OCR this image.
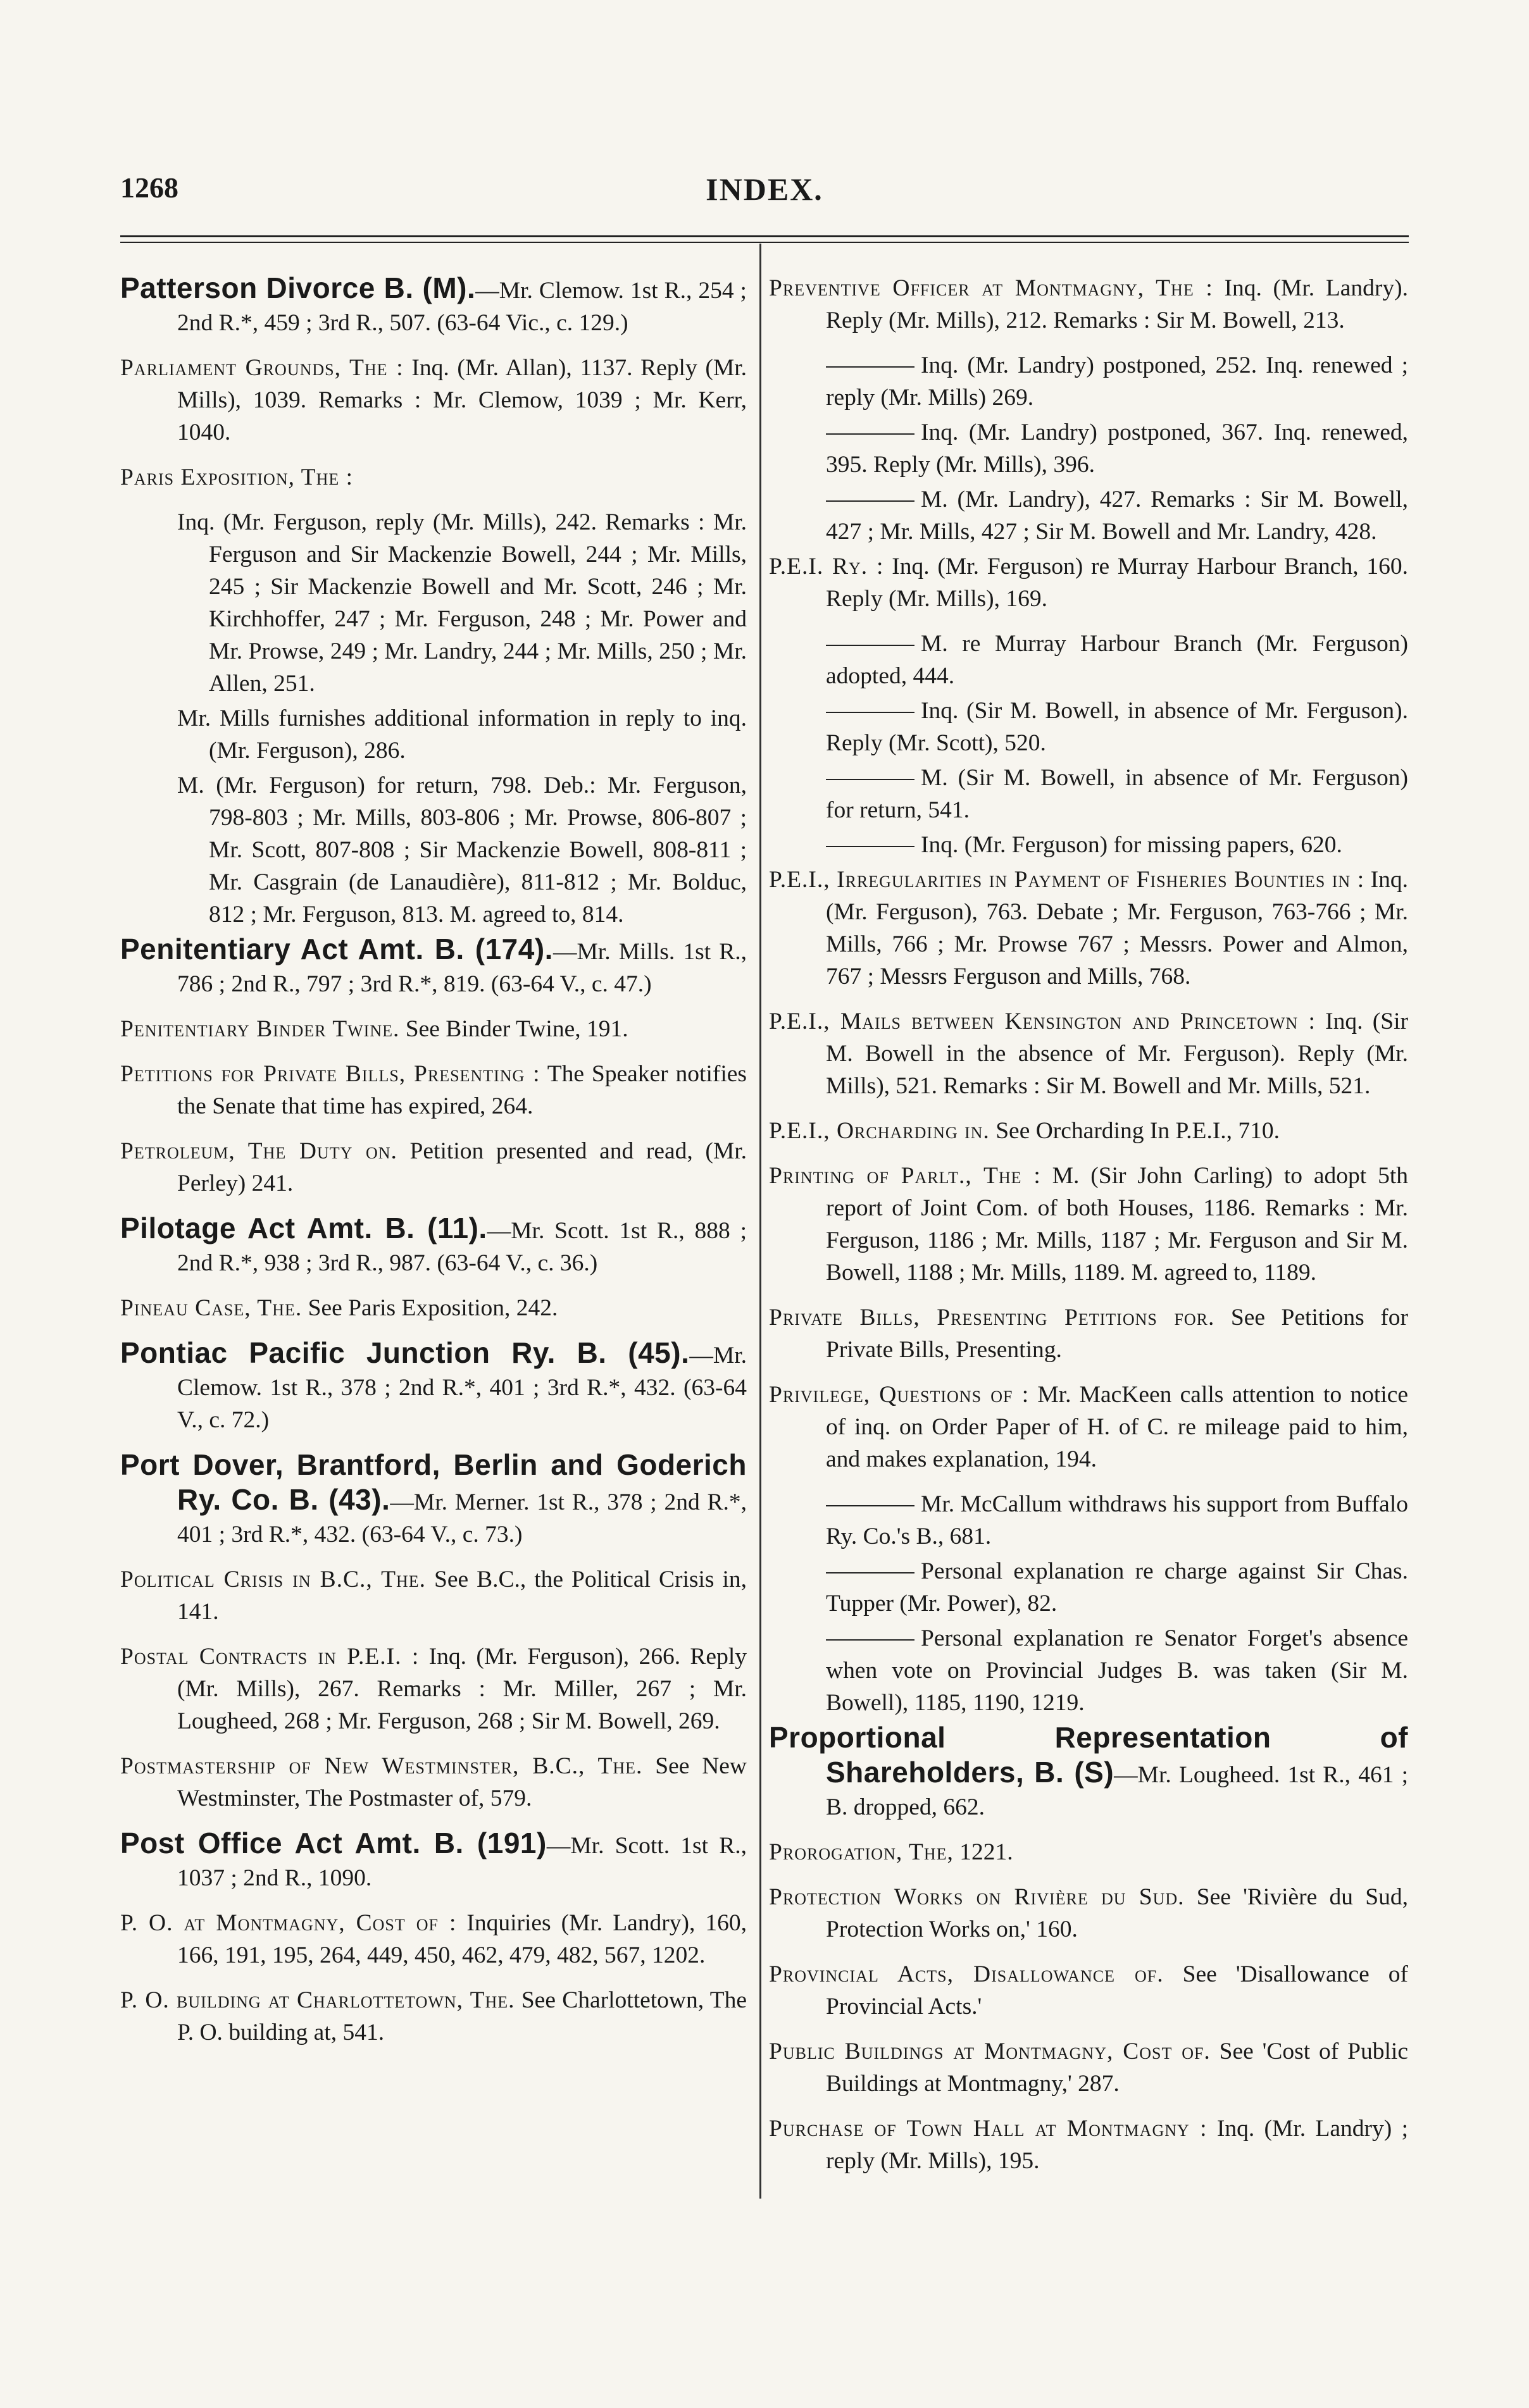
1268	INDEX.
Patterson Divorce B. (M).—Mr. Clemow. 1st R., 254 ; 2nd R.*, 459 ; 3rd R., 507. (63-64 Vic., c. 129.)
Parliament Grounds, The : Inq. (Mr. Allan), 1137. Reply (Mr. Mills), 1039. Remarks : Mr. Clemow, 1039 ; Mr. Kerr, 1040.
Paris Exposition, The :
Inq. (Mr. Ferguson, reply (Mr. Mills), 242. Remarks : Mr. Ferguson and Sir Mackenzie Bowell, 244 ; Mr. Mills, 245 ; Sir Mackenzie Bowell and Mr. Scott, 246 ; Mr. Kirchhoffer, 247 ; Mr. Ferguson, 248 ; Mr. Power and Mr. Prowse, 249 ; Mr. Landry, 244 ; Mr. Mills, 250 ; Mr. Allen, 251.
Mr. Mills furnishes additional information in reply to inq. (Mr. Ferguson), 286.
M. (Mr. Ferguson) for return, 798. Deb.: Mr. Ferguson, 798-803 ; Mr. Mills, 803-806 ; Mr. Prowse, 806-807 ; Mr. Scott, 807-808 ; Sir Mackenzie Bowell, 808-811 ; Mr. Casgrain (de Lanaudière), 811-812 ; Mr. Bolduc, 812 ; Mr. Ferguson, 813. M. agreed to, 814.
Penitentiary Act Amt. B. (174).—Mr. Mills. 1st R., 786 ; 2nd R., 797 ; 3rd R.*, 819. (63-64 V., c. 47.)
Penitentiary Binder Twine. See Binder Twine, 191.
Petitions for Private Bills, Presenting : The Speaker notifies the Senate that time has expired, 264.
Petroleum, The Duty on. Petition presented and read, (Mr. Perley) 241.
Pilotage Act Amt. B. (11).—Mr. Scott. 1st R., 888 ; 2nd R.*, 938 ; 3rd R., 987. (63-64 V., c. 36.)
Pineau Case, The. See Paris Exposition, 242.
Pontiac Pacific Junction Ry. B. (45).—Mr. Clemow. 1st R., 378 ; 2nd R.*, 401 ; 3rd R.*, 432. (63-64 V., c. 72.)
Port Dover, Brantford, Berlin and Goderich Ry. Co. B. (43).—Mr. Merner. 1st R., 378 ; 2nd R.*, 401 ; 3rd R.*, 432. (63-64 V., c. 73.)
Political Crisis in B.C., The. See B.C., the Political Crisis in, 141.
Postal Contracts in P.E.I. : Inq. (Mr. Ferguson), 266. Reply (Mr. Mills), 267. Remarks : Mr. Miller, 267 ; Mr. Lougheed, 268 ; Mr. Ferguson, 268 ; Sir M. Bowell, 269.
Postmastership of New Westminster, B.C., The. See New Westminster, The Postmaster of, 579.
Post Office Act Amt. B. (191)—Mr. Scott. 1st R., 1037 ; 2nd R., 1090.
P. O. at Montmagny, Cost of : Inquiries (Mr. Landry), 160, 166, 191, 195, 264, 449, 450, 462, 479, 482, 567, 1202.
P. O. building at Charlottetown, The. See Charlottetown, The P. O. building at, 541.
Preventive Officer at Montmagny, The : Inq. (Mr. Landry). Reply (Mr. Mills), 212. Remarks : Sir M. Bowell, 213.
Inq. (Mr. Landry) postponed, 252. Inq. renewed ; reply (Mr. Mills) 269.
Inq. (Mr. Landry) postponed, 367. Inq. renewed, 395. Reply (Mr. Mills), 396.
M. (Mr. Landry), 427. Remarks : Sir M. Bowell, 427 ; Mr. Mills, 427 ; Sir M. Bowell and Mr. Landry, 428.
P.E.I. Ry. : Inq. (Mr. Ferguson) re Murray Harbour Branch, 160. Reply (Mr. Mills), 169.
M. re Murray Harbour Branch (Mr. Ferguson) adopted, 444.
Inq. (Sir M. Bowell, in absence of Mr. Ferguson). Reply (Mr. Scott), 520.
M. (Sir M. Bowell, in absence of Mr. Ferguson) for return, 541.
Inq. (Mr. Ferguson) for missing papers, 620.
P.E.I., Irregularities in Payment of Fisheries Bounties in : Inq. (Mr. Ferguson), 763. Debate ; Mr. Ferguson, 763-766 ; Mr. Mills, 766 ; Mr. Prowse 767 ; Messrs. Power and Almon, 767 ; Messrs Ferguson and Mills, 768.
P.E.I., Mails between Kensington and Princetown : Inq. (Sir M. Bowell in the absence of Mr. Ferguson). Reply (Mr. Mills), 521. Remarks : Sir M. Bowell and Mr. Mills, 521.
P.E.I., Orcharding in. See Orcharding In P.E.I., 710.
Printing of Parlt., The : M. (Sir John Carling) to adopt 5th report of Joint Com. of both Houses, 1186. Remarks : Mr. Ferguson, 1186 ; Mr. Mills, 1187 ; Mr. Ferguson and Sir M. Bowell, 1188 ; Mr. Mills, 1189. M. agreed to, 1189.
Private Bills, Presenting Petitions for. See Petitions for Private Bills, Presenting.
Privilege, Questions of : Mr. MacKeen calls attention to notice of inq. on Order Paper of H. of C. re mileage paid to him, and makes explanation, 194.
Mr. McCallum withdraws his support from Buffalo Ry. Co.'s B., 681.
Personal explanation re charge against Sir Chas. Tupper (Mr. Power), 82.
Personal explanation re Senator Forget's absence when vote on Provincial Judges B. was taken (Sir M. Bowell), 1185, 1190, 1219.
Proportional Representation of Shareholders, B. (S)—Mr. Lougheed. 1st R., 461 ; B. dropped, 662.
Prorogation, The, 1221.
Protection Works on Rivière du Sud. See 'Rivière du Sud, Protection Works on,' 160.
Provincial Acts, Disallowance of. See 'Disallowance of Provincial Acts.'
Public Buildings at Montmagny, Cost of. See 'Cost of Public Buildings at Montmagny,' 287.
Purchase of Town Hall at Montmagny : Inq. (Mr. Landry) ; reply (Mr. Mills), 195.
